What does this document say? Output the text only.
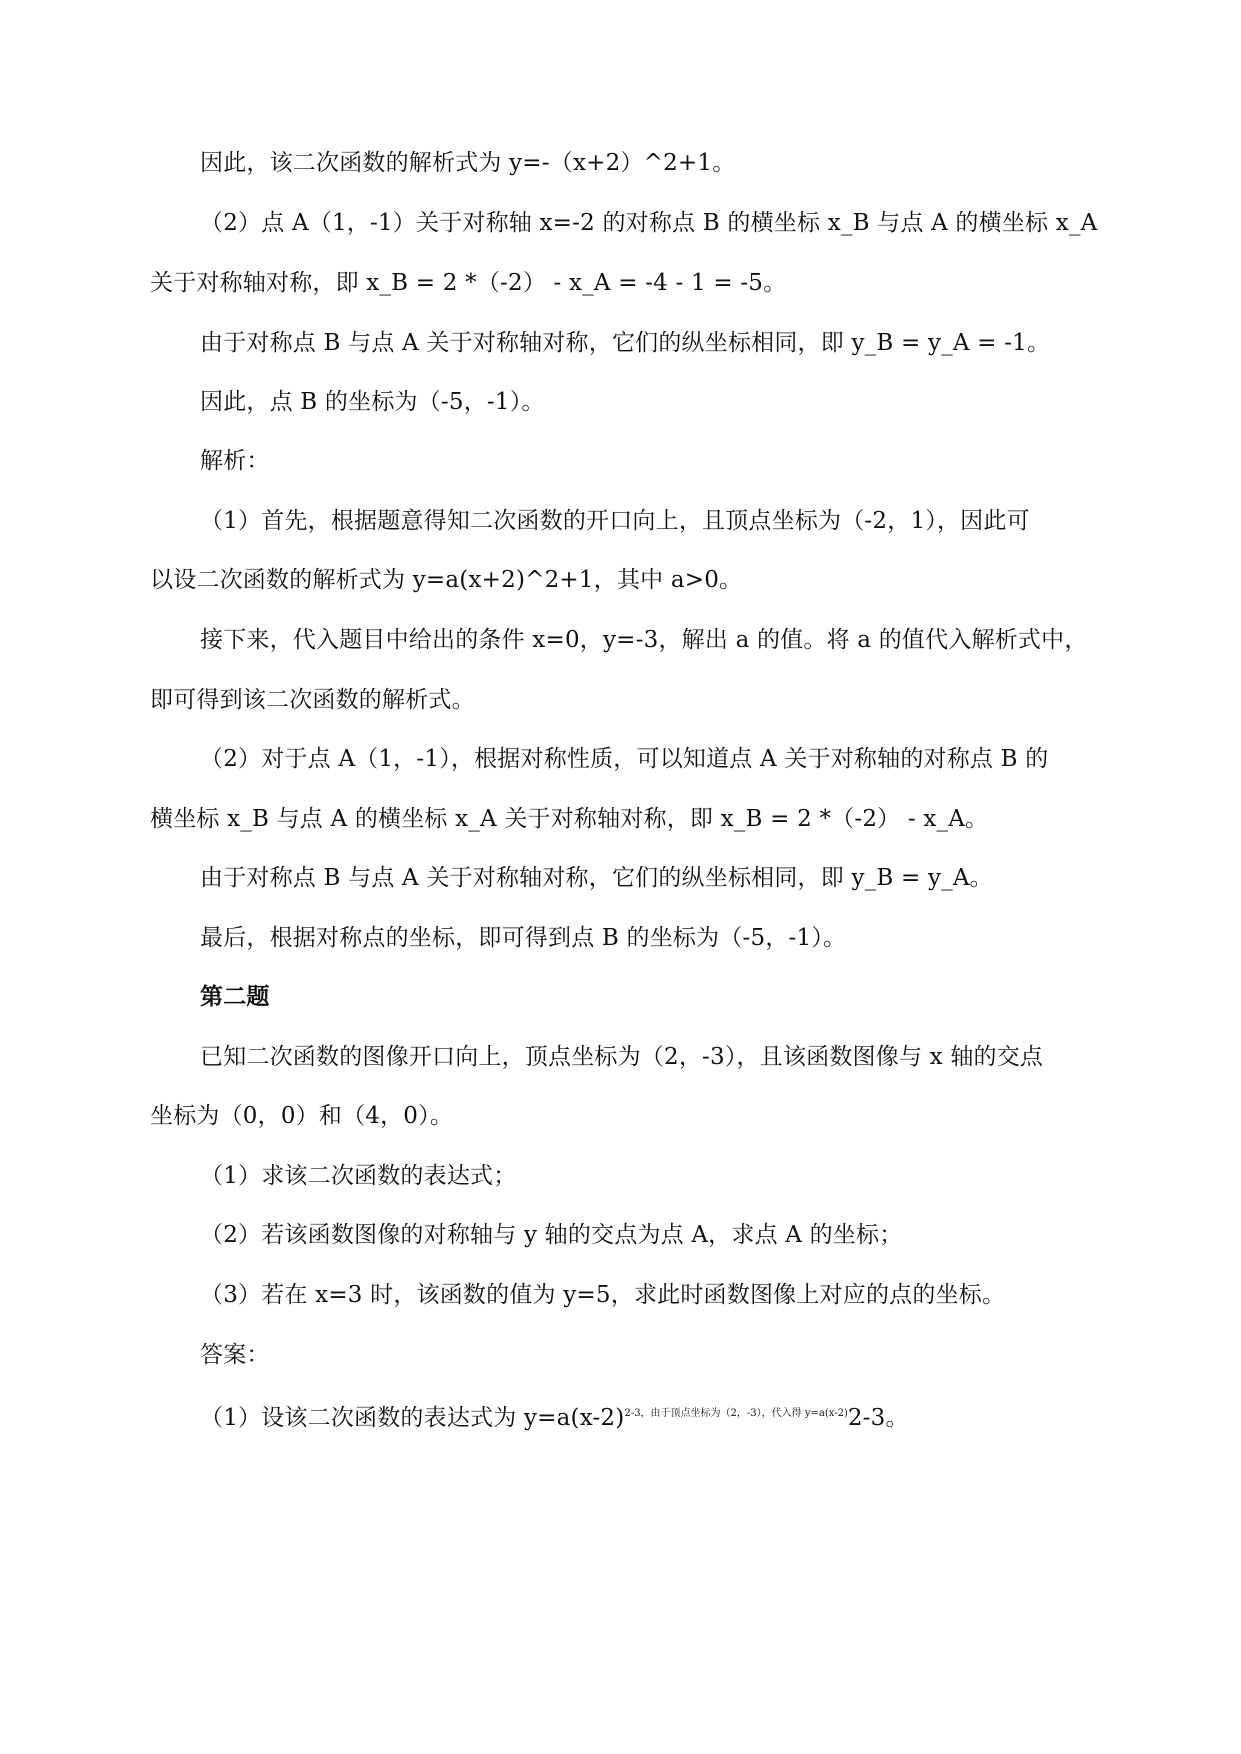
因此，该二次函数的解析式为 y=-（x+2）^2+1。
（2）点 A（1，-1）关于对称轴 x=-2 的对称点 B 的横坐标 x_B 与点 A 的横坐标 x_A
关于对称轴对称，即 x_B = 2 *（-2） - x_A = -4 - 1 = -5。
由于对称点 B 与点 A 关于对称轴对称，它们的纵坐标相同，即 y_B = y_A = -1。
因此，点 B 的坐标为（-5，-1）。
解析：
（1）首先，根据题意得知二次函数的开口向上，且顶点坐标为（-2，1），因此可
以设二次函数的解析式为 y=a(x+2)^2+1，其中 a>0。
接下来，代入题目中给出的条件 x=0，y=-3，解出 a 的值。将 a 的值代入解析式中，
即可得到该二次函数的解析式。
（2）对于点 A（1，-1），根据对称性质，可以知道点 A 关于对称轴的对称点 B 的
横坐标 x_B 与点 A 的横坐标 x_A 关于对称轴对称，即 x_B = 2 *（-2） - x_A。
由于对称点 B 与点 A 关于对称轴对称，它们的纵坐标相同，即 y_B = y_A。
最后，根据对称点的坐标，即可得到点 B 的坐标为（-5，-1）。
第二题
已知二次函数的图像开口向上，顶点坐标为（2，-3），且该函数图像与 x 轴的交点
坐标为（0，0）和（4，0）。
（1）求该二次函数的表达式；
（2）若该函数图像的对称轴与 y 轴的交点为点 A，求点 A 的坐标；
（3）若在 x=3 时，该函数的值为 y=5，求此时函数图像上对应的点的坐标。
答案：
（1）设该二次函数的表达式为 $y=a(x-2)^{2-3,由于顶点坐标为(2,-3),代入得 y=a(x-2)}2-3$。
